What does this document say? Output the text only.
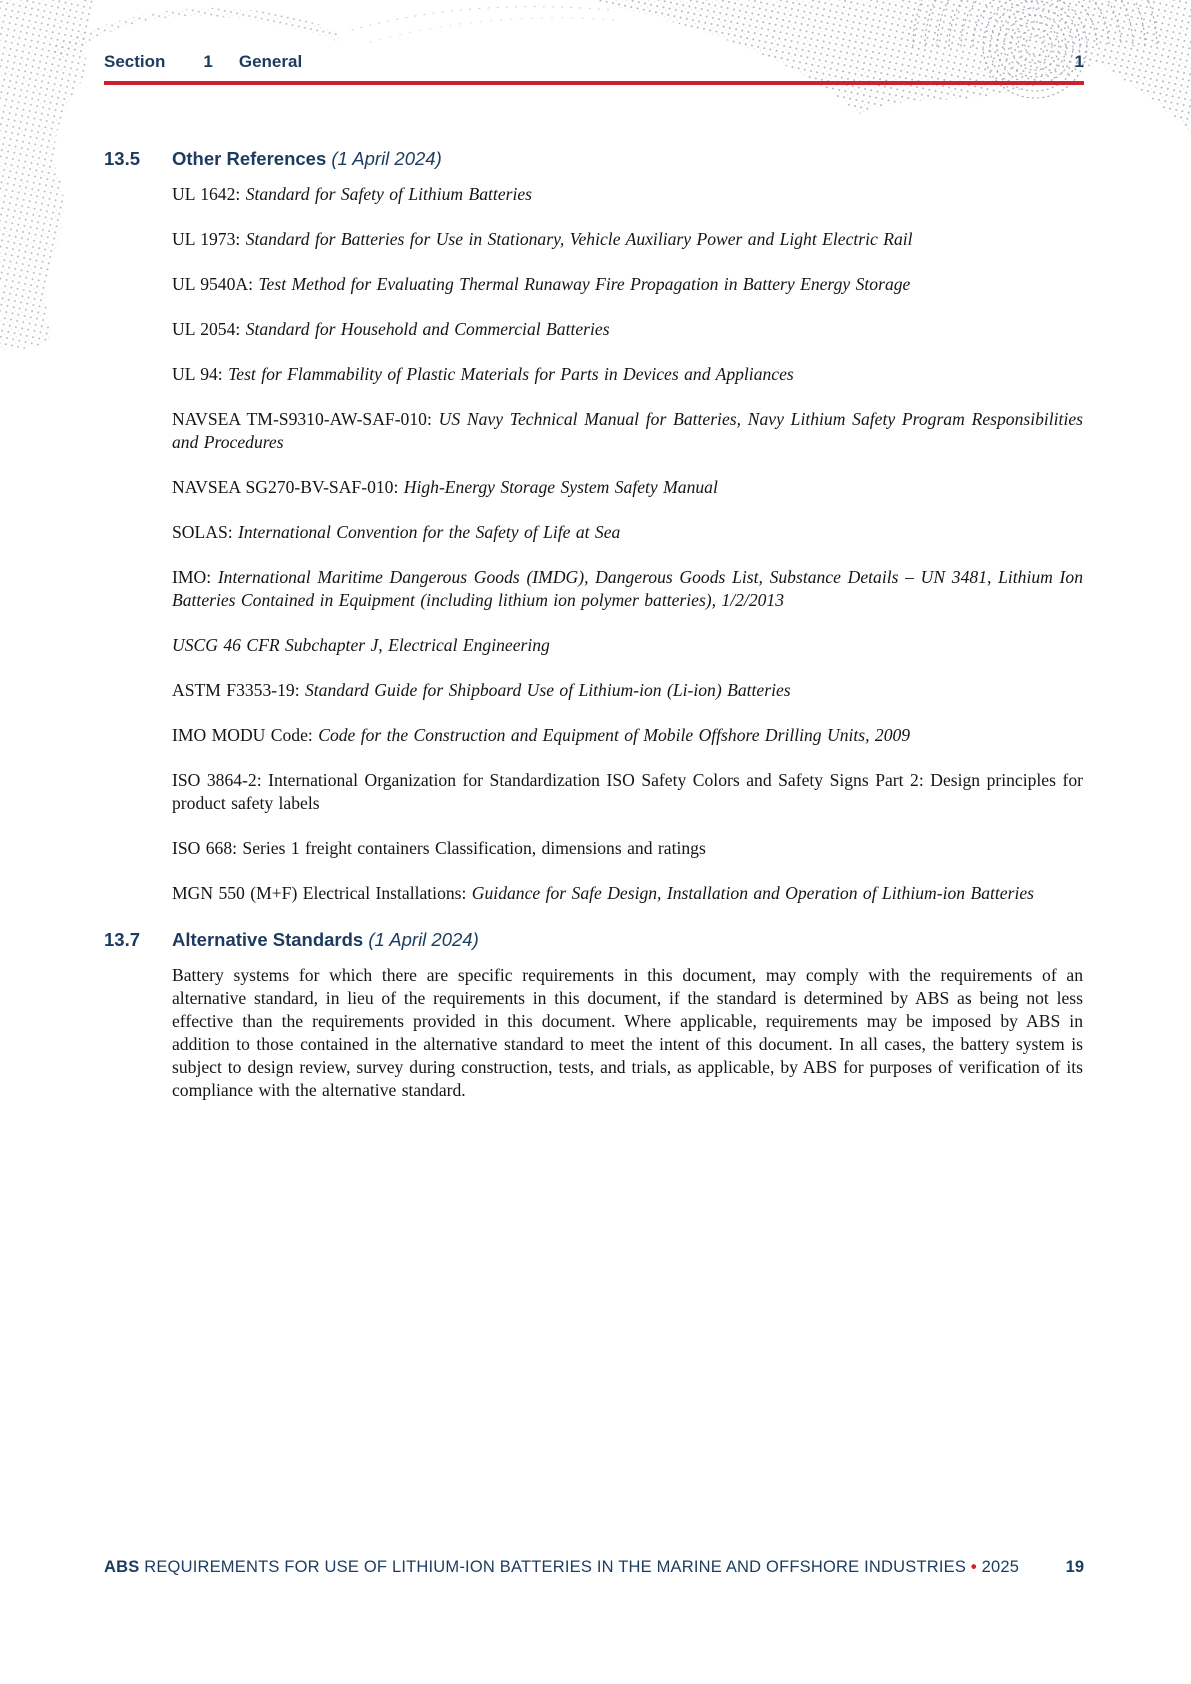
Section 1 General	1
13.5 Other References (1 April 2024)

UL 1642: Standard for Safety of Lithium Batteries

UL 1973: Standard for Batteries for Use in Stationary, Vehicle Auxiliary Power and Light Electric Rail

UL 9540A: Test Method for Evaluating Thermal Runaway Fire Propagation in Battery Energy Storage

UL 2054: Standard for Household and Commercial Batteries

UL 94: Test for Flammability of Plastic Materials for Parts in Devices and Appliances

NAVSEA TM-S9310-AW-SAF-010: US Navy Technical Manual for Batteries, Navy Lithium Safety Program Responsibilities and Procedures

NAVSEA SG270-BV-SAF-010: High-Energy Storage System Safety Manual

SOLAS: International Convention for the Safety of Life at Sea

IMO: International Maritime Dangerous Goods (IMDG), Dangerous Goods List, Substance Details – UN 3481, Lithium Ion Batteries Contained in Equipment (including lithium ion polymer batteries), 1/2/2013

USCG 46 CFR Subchapter J, Electrical Engineering

ASTM F3353-19: Standard Guide for Shipboard Use of Lithium-ion (Li-ion) Batteries

IMO MODU Code: Code for the Construction and Equipment of Mobile Offshore Drilling Units, 2009

ISO 3864-2: International Organization for Standardization ISO Safety Colors and Safety Signs Part 2: Design principles for product safety labels

ISO 668: Series 1 freight containers Classification, dimensions and ratings

MGN 550 (M+F) Electrical Installations: Guidance for Safe Design, Installation and Operation of Lithium-ion Batteries

13.7 Alternative Standards (1 April 2024)

Battery systems for which there are specific requirements in this document, may comply with the requirements of an alternative standard, in lieu of the requirements in this document, if the standard is determined by ABS as being not less effective than the requirements provided in this document. Where applicable, requirements may be imposed by ABS in addition to those contained in the alternative standard to meet the intent of this document. In all cases, the battery system is subject to design review, survey during construction, tests, and trials, as applicable, by ABS for purposes of verification of its compliance with the alternative standard.

ABS REQUIREMENTS FOR USE OF LITHIUM-ION BATTERIES IN THE MARINE AND OFFSHORE INDUSTRIES • 2025	19
